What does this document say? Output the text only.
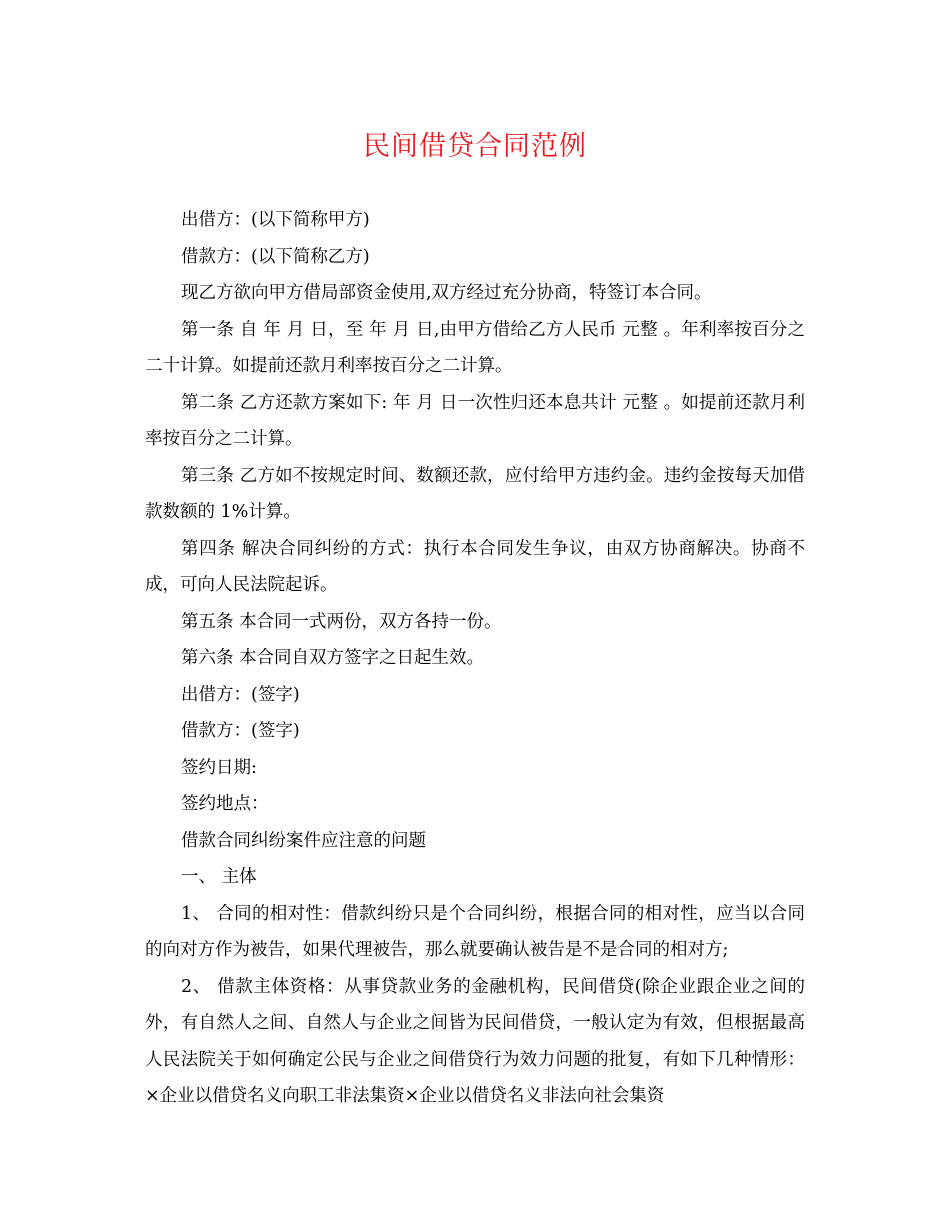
民间借贷合同范例

出借方：(以下简称甲方)

借款方：(以下简称乙方)

现乙方欲向甲方借局部资金使用,双方经过充分协商，特签订本合同。

第一条 自 年 月 日，至 年 月 日,由甲方借给乙方人民币 元整 。年利率按百分之二十计算。如提前还款月利率按百分之二计算。

第二条 乙方还款方案如下: 年 月 日一次性归还本息共计 元整 。如提前还款月利率按百分之二计算。

第三条 乙方如不按规定时间、数额还款，应付给甲方违约金。违约金按每天加借款数额的 1%计算。

第四条 解决合同纠纷的方式：执行本合同发生争议，由双方协商解决。协商不成，可向人民法院起诉。

第五条 本合同一式两份，双方各持一份。

第六条 本合同自双方签字之日起生效。

出借方：(签字)

借款方：(签字)

签约日期:

签约地点：

借款合同纠纷案件应注意的问题

一、 主体

1、 合同的相对性：借款纠纷只是个合同纠纷，根据合同的相对性，应当以合同的向对方作为被告，如果代理被告，那么就要确认被告是不是合同的相对方;

2、 借款主体资格：从事贷款业务的金融机构，民间借贷(除企业跟企业之间的外，有自然人之间、自然人与企业之间皆为民间借贷，一般认定为有效，但根据最高人民法院关于如何确定公民与企业之间借贷行为效力问题的批复，有如下几种情形：×企业以借贷名义向职工非法集资×企业以借贷名义非法向社会集资
